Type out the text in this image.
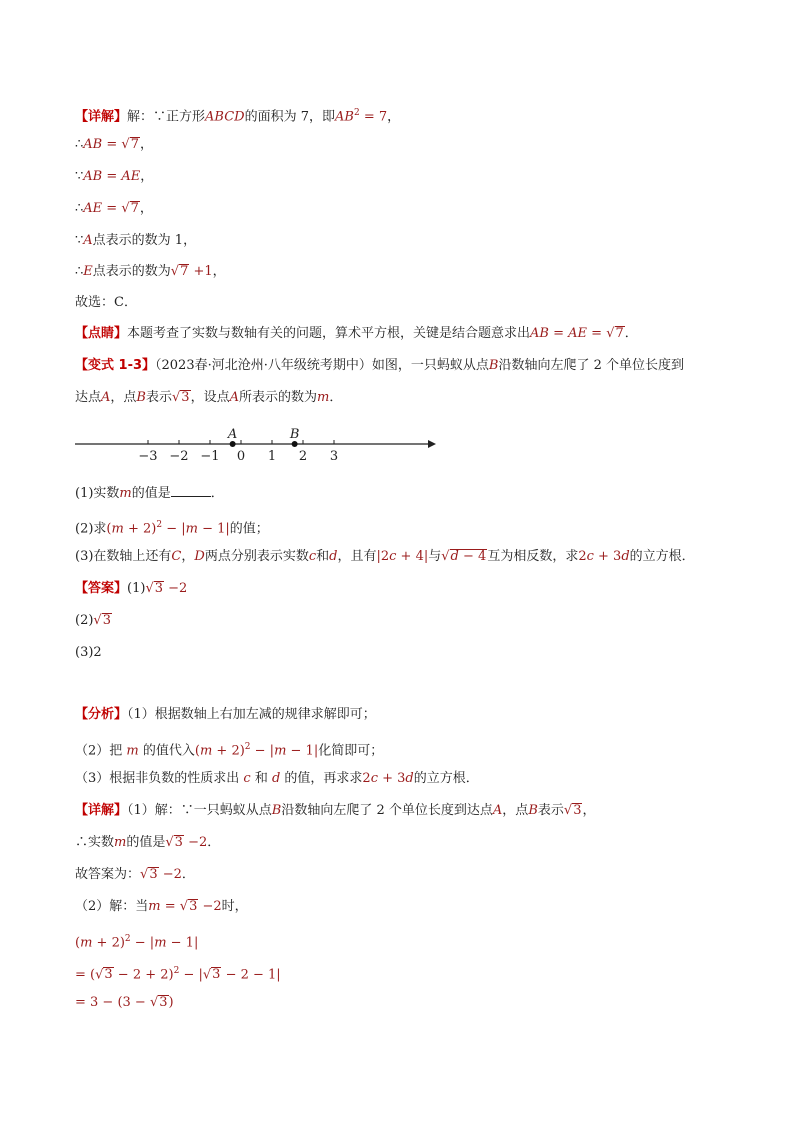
【详解】解：∵正方形ABCD的面积为 7，即$AB^2 = 7$，
∴AB = √7，
∵AB = AE，
∴AE = √7，
∵A点表示的数为 1，
∴E点表示的数为√7 +1，
故选：C．
【点睛】本题考查了实数与数轴有关的问题，算术平方根，关键是结合题意求出AB = AE = √7．
【变式 1-3】（2023春·河北沧州·八年级统考期中）如图，一只蚂蚁从点B沿数轴向左爬了 2 个单位长度到
达点A，点B表示√3，设点A所表示的数为m．
−3 −2 −1 0 1 2 3
A	B
(1)实数m的值是	．
(2)求$(m + 2)^2 - |m - 1|$的值；
(3)在数轴上还有C，D两点分别表示实数c和d，且有|2c + 4|与√d − 4互为相反数，求2c + 3d的立方根．
【答案】(1)√3 −2
(2)√3
(3)2
【分析】（1）根据数轴上右加左减的规律求解即可；
（2）把 m 的值代入$(m + 2)^2 - |m - 1|$化简即可；
（3）根据非负数的性质求出 c 和 d 的值，再求求2c + 3d的立方根．
【详解】（1）解：∵一只蚂蚁从点B沿数轴向左爬了 2 个单位长度到达点A，点B表示√3，
∴实数m的值是√3 −2．
故答案为：√3 −2．
（2）解：当m = √3 −2时，
$(m + 2)^2 - |m - 1|$
= $(√3 - 2 + 2)^2 - |√3 - 2 - 1|$
= 3 − (3 − √3)
